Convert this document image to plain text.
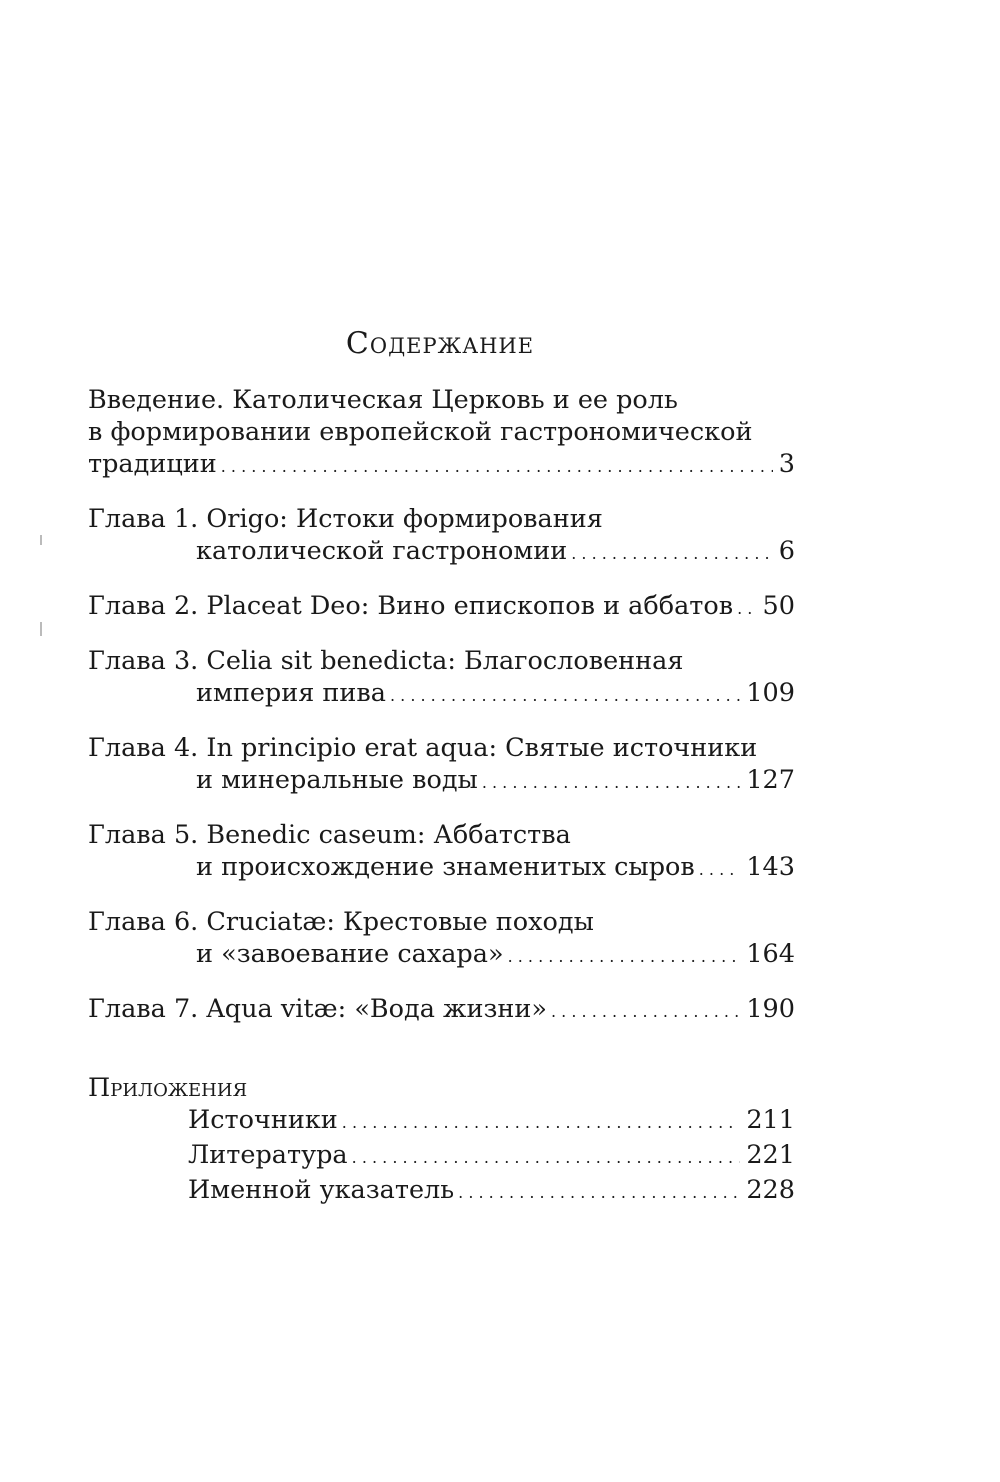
Содержание
Введение. Католическая Церковь и ее роль
в формировании европейской гастрономической
традиции . . .	3
Глава 1. Origo: Истоки формирования
католической гастрономии . . .	6
Глава 2. Placeat Deo: Вино епископов и аббатов . . . 50
Глава 3. Celia sit benedicta: Благословенная
империя пива . . .	109
Глава 4. In principio erat aqua: Святые источники
и минеральные воды . . .	127
Глава 5. Benedic caseum: Аббатства
и происхождение знаменитых сыров . . . 143
Глава 6. Cruciatæ: Крестовые походы
и «завоевание сахара» . . .	164
Глава 7. Aqua vitæ: «Вода жизни» . . .	190
Приложения
Источники . . .	211
Литература . . .	221
Именной указатель . . .	228
